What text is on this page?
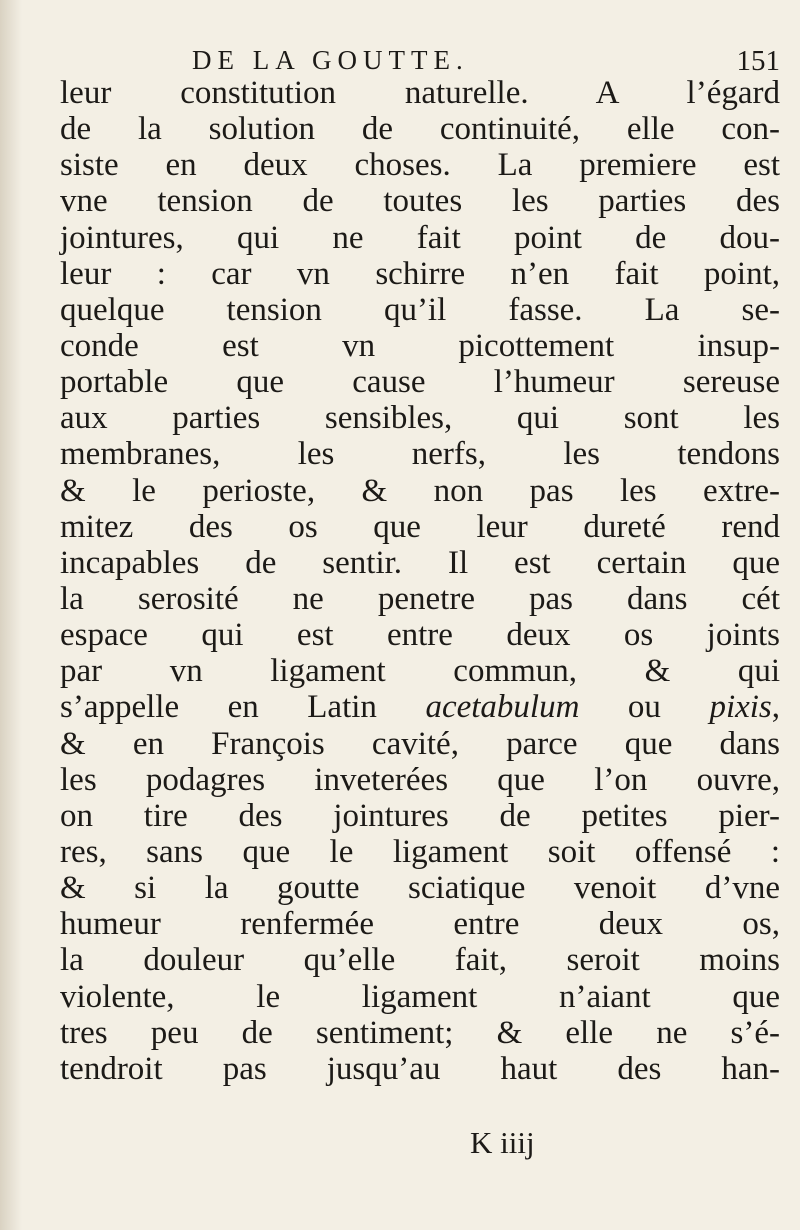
DE LA GOUTTE.	151
leur constitution naturelle. A l’égard
de la solution de continuité, elle con-
siste en deux choses. La premiere est
vne tension de toutes les parties des
jointures, qui ne fait point de dou-
leur : car vn schirre n’en fait point,
quelque tension qu’il fasse. La se-
conde est vn picottement insup-
portable que cause l’humeur sereuse
aux parties sensibles, qui sont les
membranes, les nerfs, les tendons
& le perioste, & non pas les extre-
mitez des os que leur dureté rend
incapables de sentir. Il est certain que
la serosité ne penetre pas dans cét
espace qui est entre deux os joints
par vn ligament commun, & qui
s’appelle en Latin acetabulum ou pixis,
& en François cavité, parce que dans
les podagres inveterées que l’on ouvre,
on tire des jointures de petites pier-
res, sans que le ligament soit offensé :
& si la goutte sciatique venoit d’vne
humeur renfermée entre deux os,
la douleur qu’elle fait, seroit moins
violente, le ligament n’aiant que
tres peu de sentiment; & elle ne s’é-
tendroit pas jusqu’au haut des han-
K iiij
